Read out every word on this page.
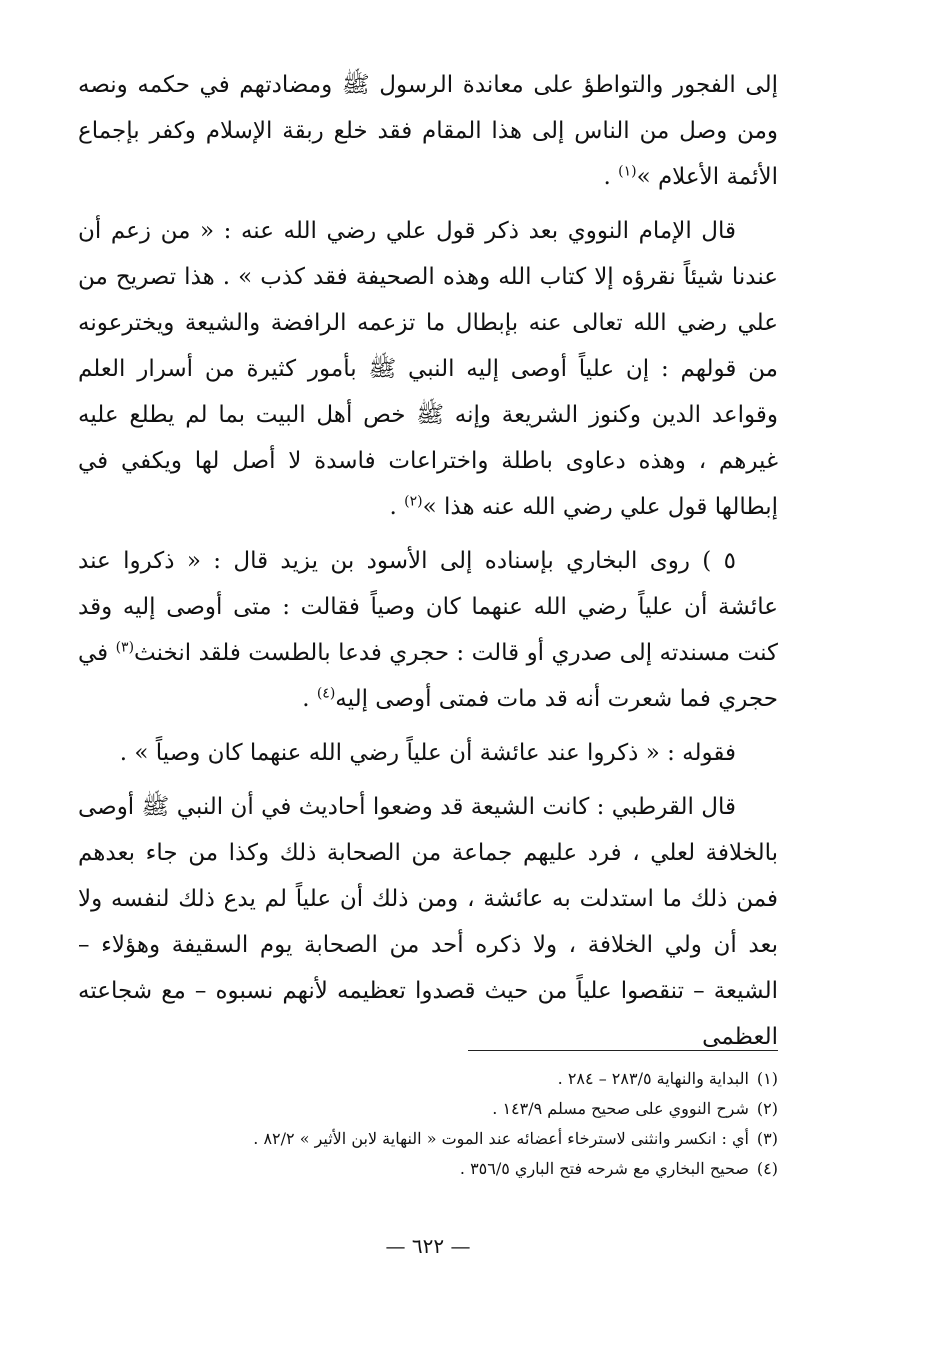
إلى الفجور والتواطؤ على معاندة الرسول ﷺ ومضادتهم في حكمه ونصه ومن وصل من الناس إلى هذا المقام فقد خلع ربقة الإسلام وكفر بإجماع الأئمة الأعلام »$^{(١)}$ .

قال الإمام النووي بعد ذكر قول علي رضي الله عنه : « من زعم أن عندنا شيئاً نقرؤه إلا كتاب الله وهذه الصحيفة فقد كذب » . هذا تصريح من علي رضي الله تعالى عنه بإبطال ما تزعمه الرافضة والشيعة ويخترعونه من قولهم : إن علياً أوصى إليه النبي ﷺ بأمور كثيرة من أسرار العلم وقواعد الدين وكنوز الشريعة وإنه ﷺ خص أهل البيت بما لم يطلع عليه غيرهم ، وهذه دعاوى باطلة واختراعات فاسدة لا أصل لها ويكفي في إبطالها قول علي رضي الله عنه هذا »$^{(٢)}$ .

٥ ) روى البخاري بإسناده إلى الأسود بن يزيد قال : « ذكروا عند عائشة أن علياً رضي الله عنهما كان وصياً فقالت : متى أوصى إليه وقد كنت مسندته إلى صدري أو قالت : حجري فدعا بالطست فلقد انخنث$^{(٣)}$ في حجري فما شعرت أنه قد مات فمتى أوصى إليه$^{(٤)}$ .

فقوله : « ذكروا عند عائشة أن علياً رضي الله عنهما كان وصياً » .

قال القرطبي : كانت الشيعة قد وضعوا أحاديث في أن النبي ﷺ أوصى بالخلافة لعلي ، فرد عليهم جماعة من الصحابة ذلك وكذا من جاء بعدهم فمن ذلك ما استدلت به عائشة ، ومن ذلك أن علياً لم يدع ذلك لنفسه ولا بعد أن ولي الخلافة ، ولا ذكره أحد من الصحابة يوم السقيفة وهؤلاء – الشيعة – تنقصوا علياً من حيث قصدوا تعظيمه لأنهم نسبوه – مع شجاعته العظمى

(١)البداية والنهاية ٢٨٣/٥ – ٢٨٤ .
(٢)شرح النووي على صحيح مسلم ١٤٣/٩ .
(٣)أي : انكسر وانثنى لاسترخاء أعضائه عند الموت « النهاية لابن الأثير » ٨٢/٢ .
(٤)صحيح البخاري مع شرحه فتح الباري ٣٥٦/٥ .
— ٦٢٢ —
